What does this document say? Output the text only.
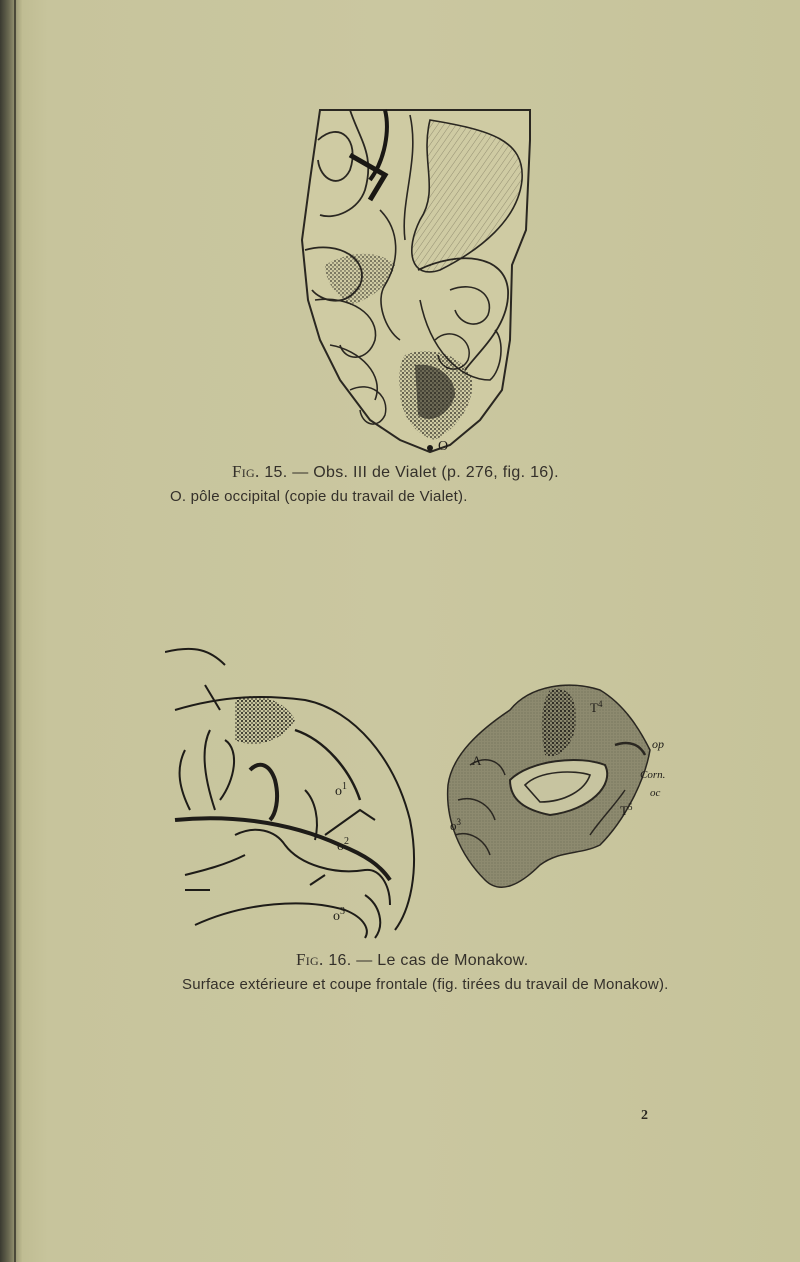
O
Fig. 15. — Obs. III de Vialet (p. 276, fig. 16).
O. pôle occipital (copie du travail de Vialet).
$o^1$
$o^2$
$o^3$
A
$o^3$
$T^4$
$T^5$
op
Corn.
oc
Fig. 16. — Le cas de Monakow.
Surface extérieure et coupe frontale (fig. tirées du travail de Monakow).
2
